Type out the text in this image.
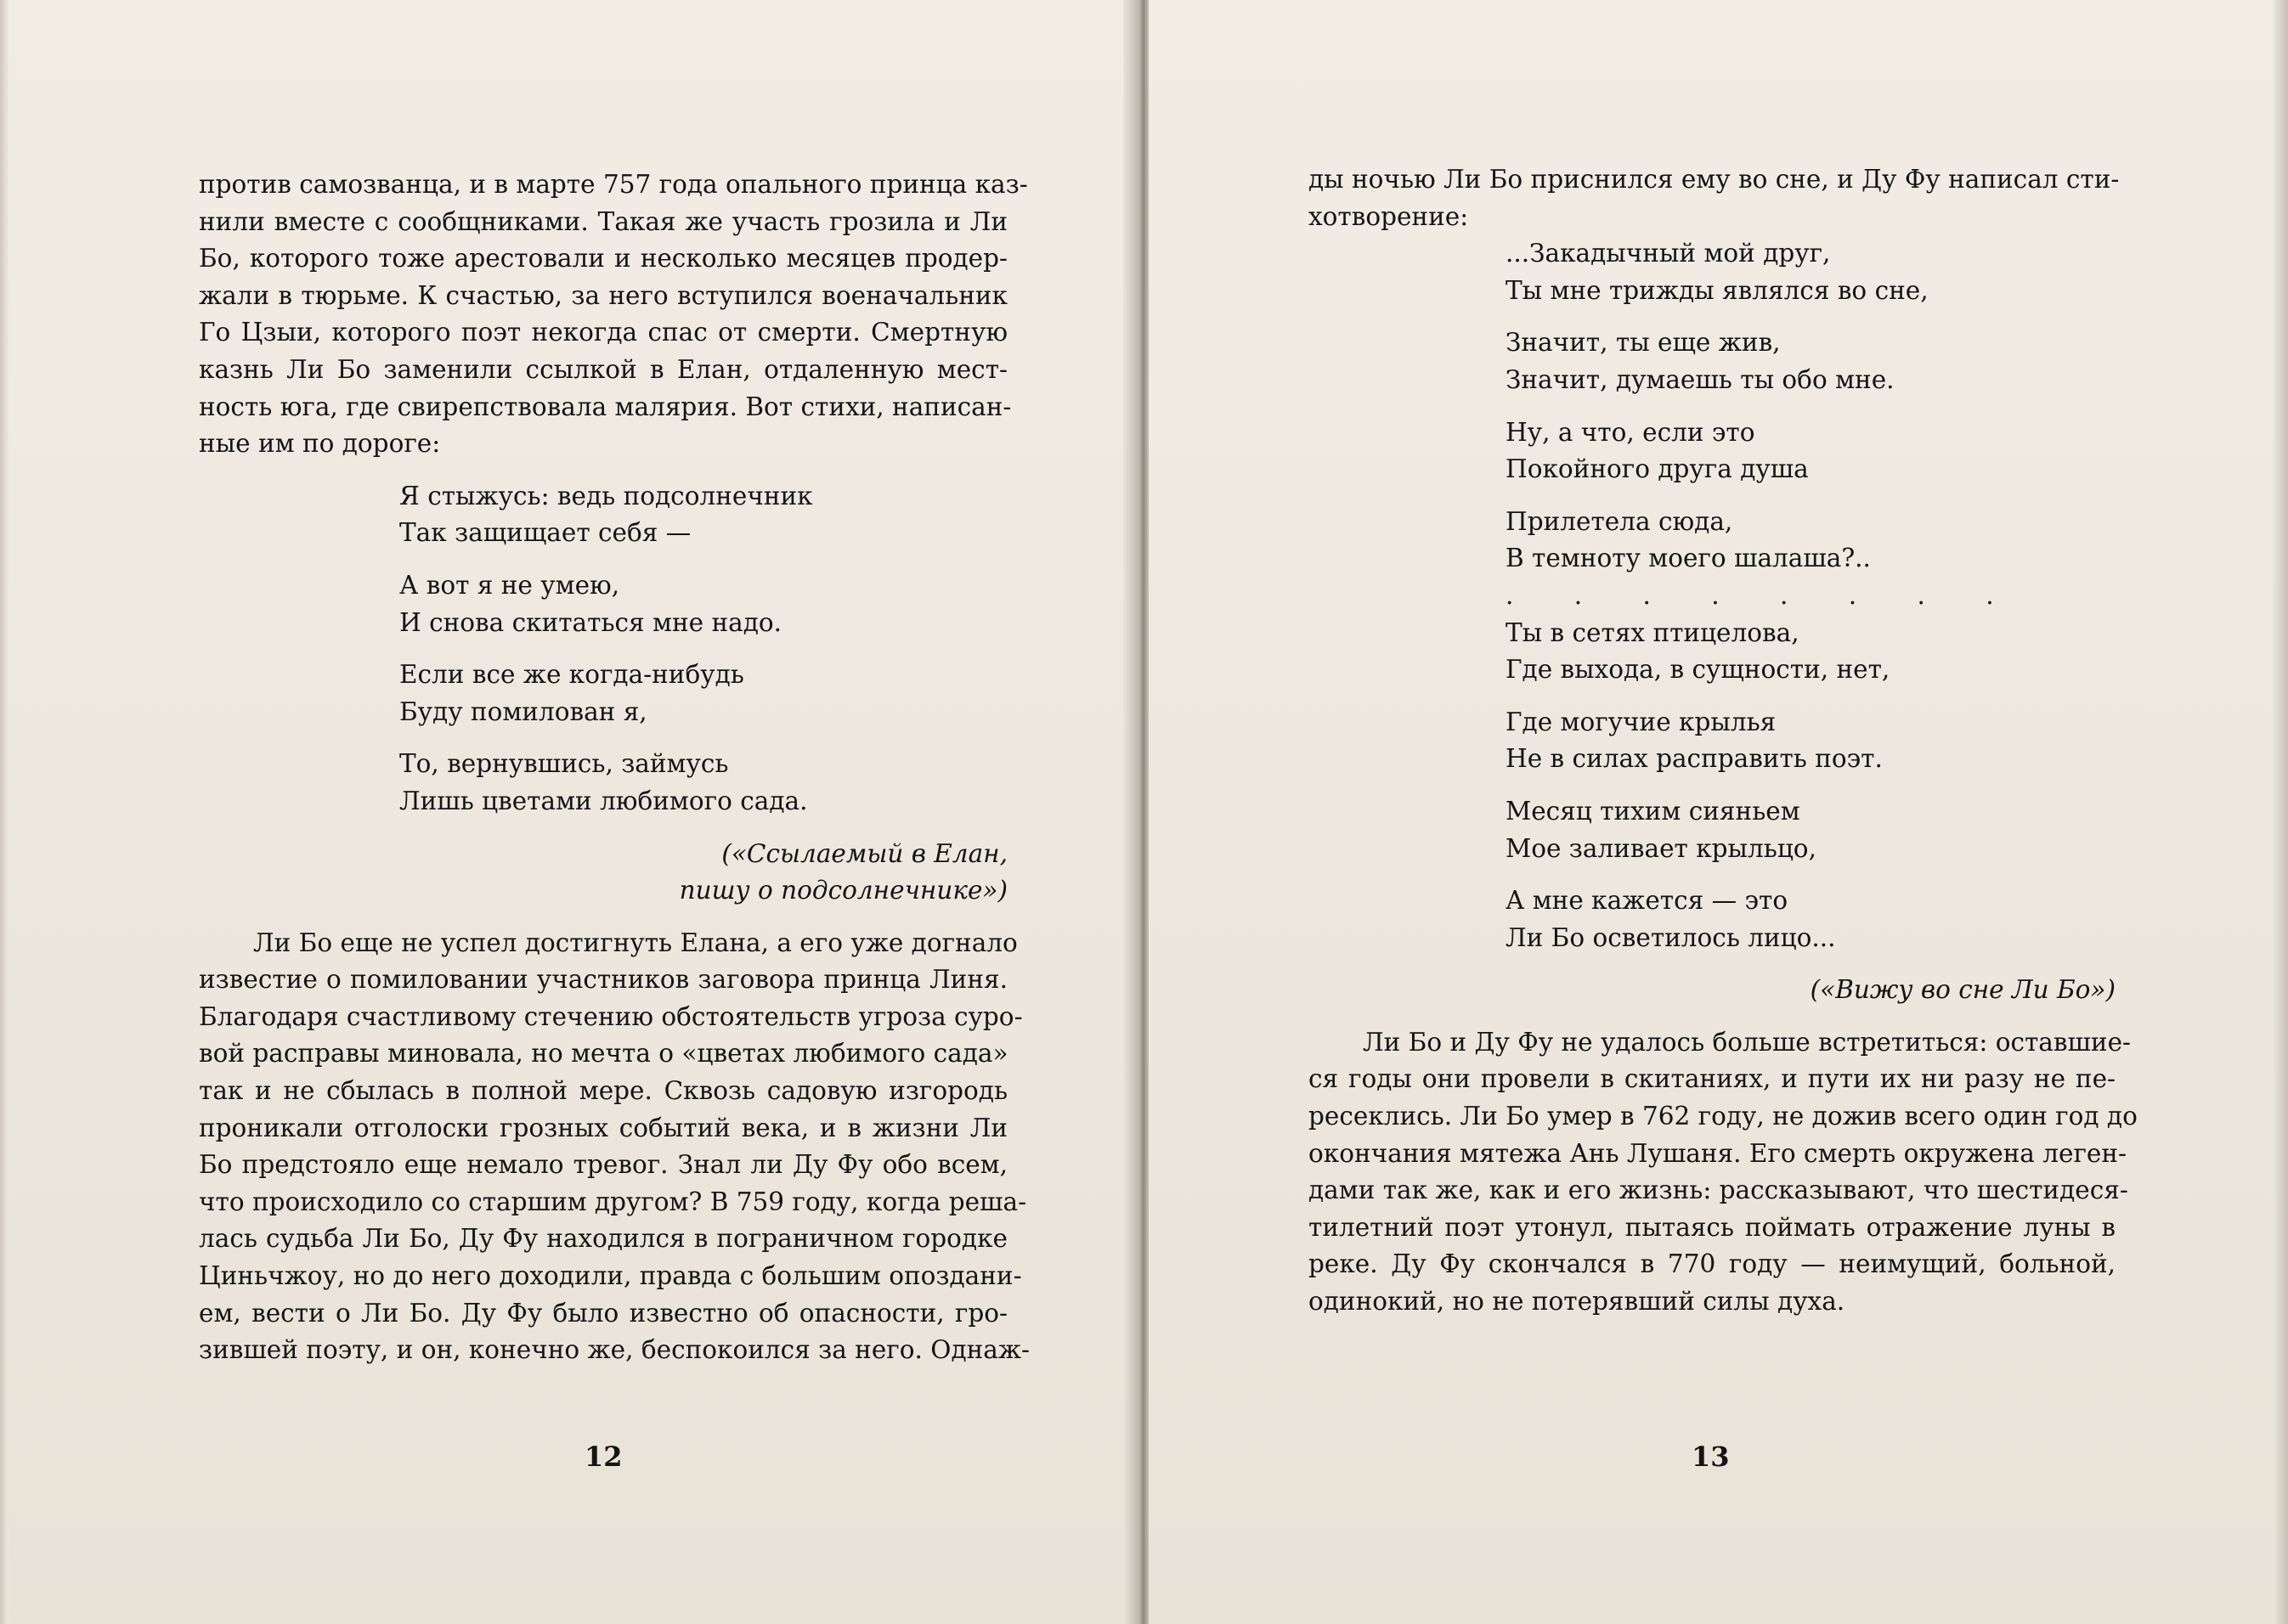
против самозванца, и в марте 757 года опального принца каз-
нили вместе с сообщниками. Такая же участь грозила и Ли
Бо, которого тоже арестовали и несколько месяцев продер-
жали в тюрьме. К счастью, за него вступился военачальник
Го Цзыи, которого поэт некогда спас от смерти. Смертную
казнь Ли Бо заменили ссылкой в Елан, отдаленную мест-
ность юга, где свирепствовала малярия. Вот стихи, написан-
ные им по дороге:
Я стыжусь: ведь подсолнечник
Так защищает себя —
А вот я не умею,
И снова скитаться мне надо.
Если все же когда-нибудь
Буду помилован я,
То, вернувшись, займусь
Лишь цветами любимого сада.
(«Ссылаемый в Елан,
пишу о подсолнечнике»)
Ли Бо еще не успел достигнуть Елана, а его уже догнало
известие о помиловании участников заговора принца Линя.
Благодаря счастливому стечению обстоятельств угроза суро-
вой расправы миновала, но мечта о «цветах любимого сада»
так и не сбылась в полной мере. Сквозь садовую изгородь
проникали отголоски грозных событий века, и в жизни Ли
Бо предстояло еще немало тревог. Знал ли Ду Фу обо всем,
что происходило со старшим другом? В 759 году, когда реша-
лась судьба Ли Бо, Ду Фу находился в пограничном городке
Циньчжоу, но до него доходили, правда с большим опоздани-
ем, вести о Ли Бо. Ду Фу было известно об опасности, гро-
зившей поэту, и он, конечно же, беспокоился за него. Однаж-
12
ды ночью Ли Бо приснился ему во сне, и Ду Фу написал сти-
хотворение:
...Закадычный мой друг,
Ты мне трижды являлся во сне,
Значит, ты еще жив,
Значит, думаешь ты обо мне.
Ну, а что, если это
Покойного друга душа
Прилетела сюда,
В темноту моего шалаша?..
. . . . . . . .
Ты в сетях птицелова,
Где выхода, в сущности, нет,
Где могучие крылья
Не в силах расправить поэт.
Месяц тихим сияньем
Мое заливает крыльцо,
А мне кажется — это
Ли Бо осветилось лицо...
(«Вижу во сне Ли Бо»)
Ли Бо и Ду Фу не удалось больше встретиться: оставшие-
ся годы они провели в скитаниях, и пути их ни разу не пе-
ресеклись. Ли Бо умер в 762 году, не дожив всего один год до
окончания мятежа Ань Лушаня. Его смерть окружена леген-
дами так же, как и его жизнь: рассказывают, что шестидеся-
тилетний поэт утонул, пытаясь поймать отражение луны в
реке. Ду Фу скончался в 770 году — неимущий, больной,
одинокий, но не потерявший силы духа.
13
